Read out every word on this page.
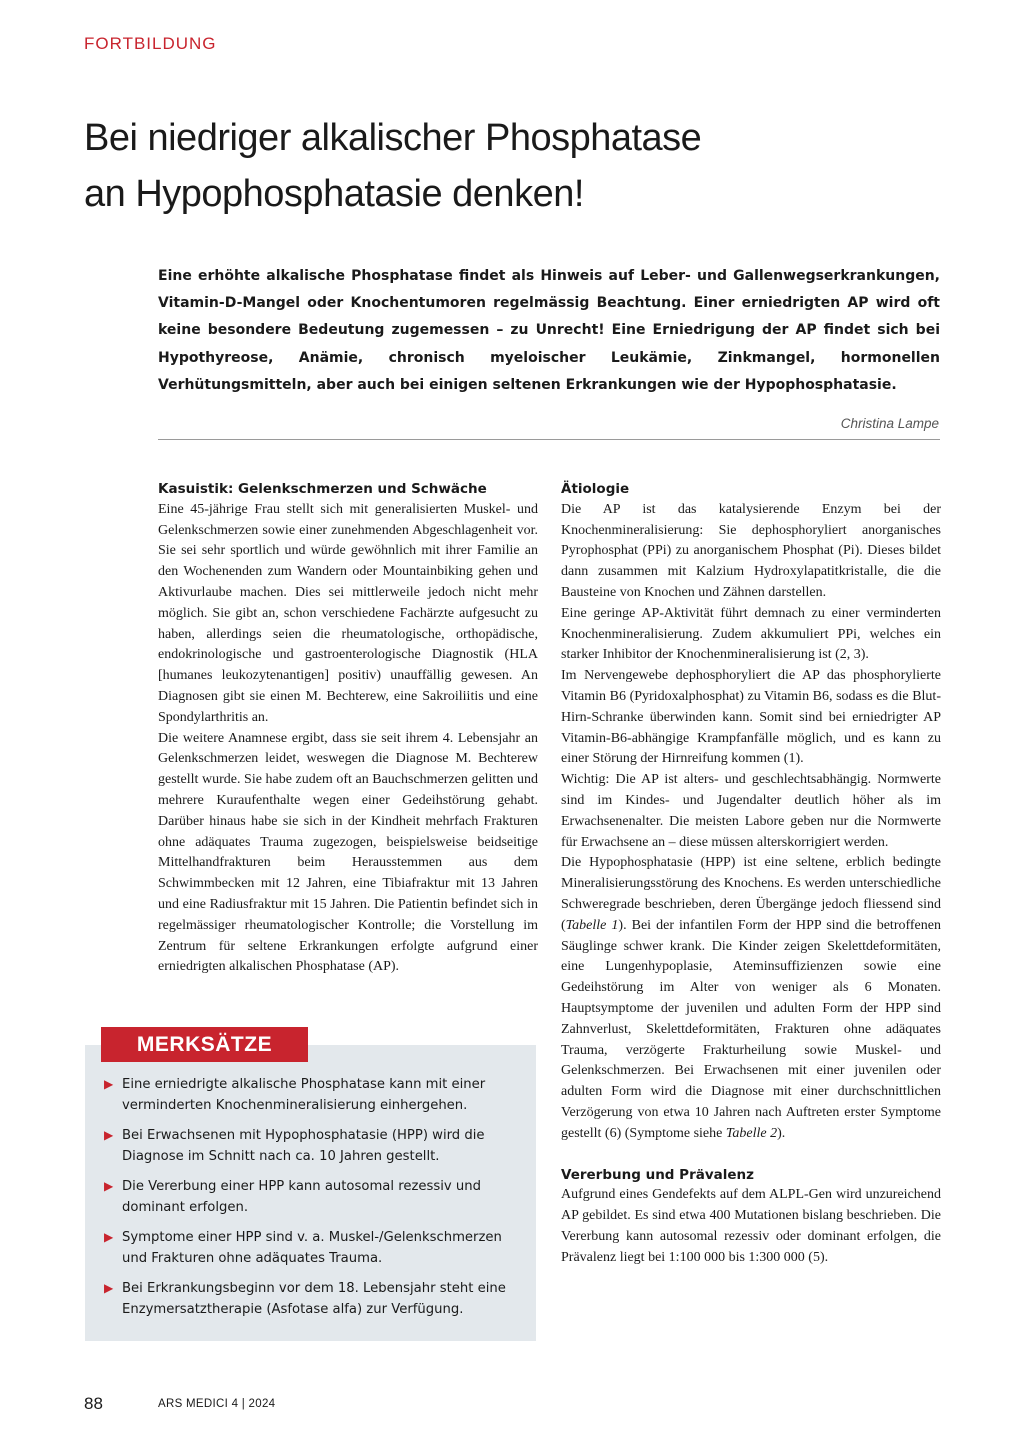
FORTBILDUNG
Bei niedriger alkalischer Phosphatase
an Hypophosphatasie denken!

Eine erhöhte alkalische Phosphatase findet als Hinweis auf Leber- und Gallenwegserkrankungen, Vitamin-D-Mangel oder Knochentumoren regelmässig Beachtung. Einer erniedrigten AP wird oft keine besondere Bedeutung zugemessen – zu Unrecht! Eine Erniedrigung der AP findet sich bei Hypothyreose, Anämie, chronisch myeloischer Leukämie, Zinkmangel, hormonellen Verhütungsmitteln, aber auch bei einigen seltenen Erkrankungen wie der Hypophosphatasie.

Christina Lampe
Kasuistik: Gelenkschmerzen und Schwäche

Eine 45-jährige Frau stellt sich mit generalisierten Muskel- und Gelenkschmerzen sowie einer zunehmenden Abgeschlagenheit vor. Sie sei sehr sportlich und würde gewöhnlich mit ihrer Familie an den Wochenenden zum Wandern oder Mountainbiking gehen und Aktivurlaube machen. Dies sei mittlerweile jedoch nicht mehr möglich. Sie gibt an, schon verschiedene Fachärzte aufgesucht zu haben, allerdings seien die rheumatologische, orthopädische, endokrinologische und gastroenterologische Diagnostik (HLA [humanes leukozytenantigen] positiv) unauffällig gewesen. An Diagnosen gibt sie einen M. Bechterew, eine Sakroiliitis und eine Spondylarthritis an.

Die weitere Anamnese ergibt, dass sie seit ihrem 4. Lebensjahr an Gelenkschmerzen leidet, weswegen die Diagnose M. Bechterew gestellt wurde. Sie habe zudem oft an Bauchschmerzen gelitten und mehrere Kuraufenthalte wegen einer Gedeihstörung gehabt. Darüber hinaus habe sie sich in der Kindheit mehrfach Frakturen ohne adäquates Trauma zugezogen, beispielsweise beidseitige Mittelhandfrakturen beim Herausstemmen aus dem Schwimmbecken mit 12 Jahren, eine Tibiafraktur mit 13 Jahren und eine Radiusfraktur mit 15 Jahren. Die Patientin befindet sich in regelmässiger rheumatologischer Kontrolle; die Vorstellung im Zentrum für seltene Erkrankungen erfolgte aufgrund einer erniedrigten alkalischen Phosphatase (AP).

MERKSÄTZE
▶ Eine erniedrigte alkalische Phosphatase kann mit einer verminderten Knochenmineralisierung einhergehen.
▶ Bei Erwachsenen mit Hypophosphatasie (HPP) wird die Diagnose im Schnitt nach ca. 10 Jahren gestellt.
▶ Die Vererbung einer HPP kann autosomal rezessiv und dominant erfolgen.
▶ Symptome einer HPP sind v. a. Muskel-/Gelenkschmerzen und Frakturen ohne adäquates Trauma.
▶ Bei Erkrankungsbeginn vor dem 18. Lebensjahr steht eine Enzymersatztherapie (Asfotase alfa) zur Verfügung.
Ätiologie

Die AP ist das katalysierende Enzym bei der Knochenmineralisierung: Sie dephosphoryliert anorganisches Pyrophosphat (PPi) zu anorganischem Phosphat (Pi). Dieses bildet dann zusammen mit Kalzium Hydroxylapatitkristalle, die die Bausteine von Knochen und Zähnen darstellen.

Eine geringe AP-Aktivität führt demnach zu einer verminderten Knochenmineralisierung. Zudem akkumuliert PPi, welches ein starker Inhibitor der Knochenmineralisierung ist (2, 3).

Im Nervengewebe dephosphoryliert die AP das phosphorylierte Vitamin B6 (Pyridoxalphosphat) zu Vitamin B6, sodass es die Blut-Hirn-Schranke überwinden kann. Somit sind bei erniedrigter AP Vitamin-B6-abhängige Krampfanfälle möglich, und es kann zu einer Störung der Hirnreifung kommen (1).

Wichtig: Die AP ist alters- und geschlechtsabhängig. Normwerte sind im Kindes- und Jugendalter deutlich höher als im Erwachsenenalter. Die meisten Labore geben nur die Normwerte für Erwachsene an – diese müssen alterskorrigiert werden.

Die Hypophosphatasie (HPP) ist eine seltene, erblich bedingte Mineralisierungsstörung des Knochens. Es werden unterschiedliche Schweregrade beschrieben, deren Übergänge jedoch fliessend sind (Tabelle 1). Bei der infantilen Form der HPP sind die betroffenen Säuglinge schwer krank. Die Kinder zeigen Skelettdeformitäten, eine Lungenhypoplasie, Ateminsuffizienzen sowie eine Gedeihstörung im Alter von weniger als 6 Monaten. Hauptsymptome der juvenilen und adulten Form der HPP sind Zahnverlust, Skelettdeformitäten, Frakturen ohne adäquates Trauma, verzögerte Frakturheilung sowie Muskel- und Gelenkschmerzen. Bei Erwachsenen mit einer juvenilen oder adulten Form wird die Diagnose mit einer durchschnittlichen Verzögerung von etwa 10 Jahren nach Auftreten erster Symptome gestellt (6) (Symptome siehe Tabelle 2).

Vererbung und Prävalenz

Aufgrund eines Gendefekts auf dem ALPL-Gen wird unzureichend AP gebildet. Es sind etwa 400 Mutationen bislang beschrieben. Die Vererbung kann autosomal rezessiv oder dominant erfolgen, die Prävalenz liegt bei 1:100 000 bis 1:300 000 (5).

88	ARS MEDICI 4 | 2024
